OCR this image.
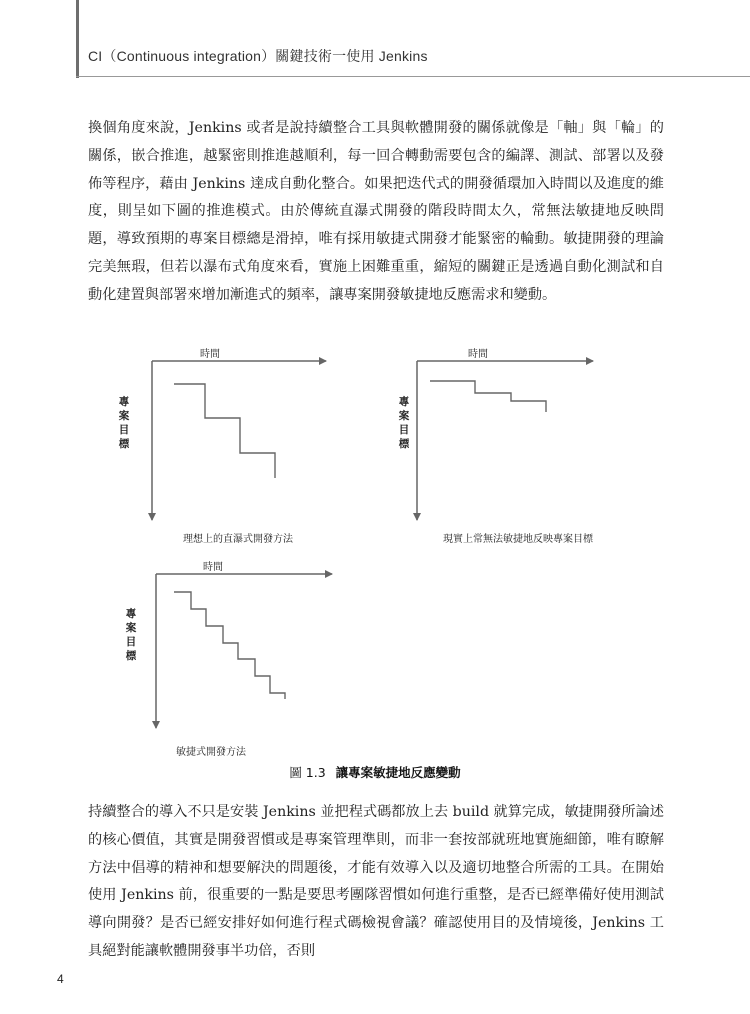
CI（Continuous integration）關鍵技術一使用 Jenkins

換個角度來說，Jenkins 或者是說持續整合工具與軟體開發的關係就像是「軸」與「輪」的關係，嵌合推進，越緊密則推進越順利，每一回合轉動需要包含的編譯、測試、部署以及發佈等程序，藉由 Jenkins 達成自動化整合。如果把迭代式的開發循環加入時間以及進度的維度，則呈如下圖的推進模式。由於傳統直瀑式開發的階段時間太久，常無法敏捷地反映問題，導致預期的專案目標總是滑掉，唯有採用敏捷式開發才能緊密的輪動。敏捷開發的理論完美無瑕，但若以瀑布式角度來看，實施上困難重重，縮短的關鍵正是透過自動化測試和自動化建置與部署來增加漸進式的頻率，讓專案開發敏捷地反應需求和變動。

時間
專案目標
理想上的直瀑式開發方法
時間
專案目標
現實上常無法敏捷地反映專案目標
時間
專案目標
敏捷式開發方法
圖 1.3 讓專案敏捷地反應變動

持續整合的導入不只是安裝 Jenkins 並把程式碼都放上去 build 就算完成，敏捷開發所論述的核心價值，其實是開發習慣或是專案管理準則，而非一套按部就班地實施細節，唯有瞭解方法中倡導的精神和想要解決的問題後，才能有效導入以及適切地整合所需的工具。在開始使用 Jenkins 前，很重要的一點是要思考團隊習慣如何進行重整，是否已經準備好使用測試導向開發？是否已經安排好如何進行程式碼檢視會議？確認使用目的及情境後，Jenkins 工具絕對能讓軟體開發事半功倍，否則

4
